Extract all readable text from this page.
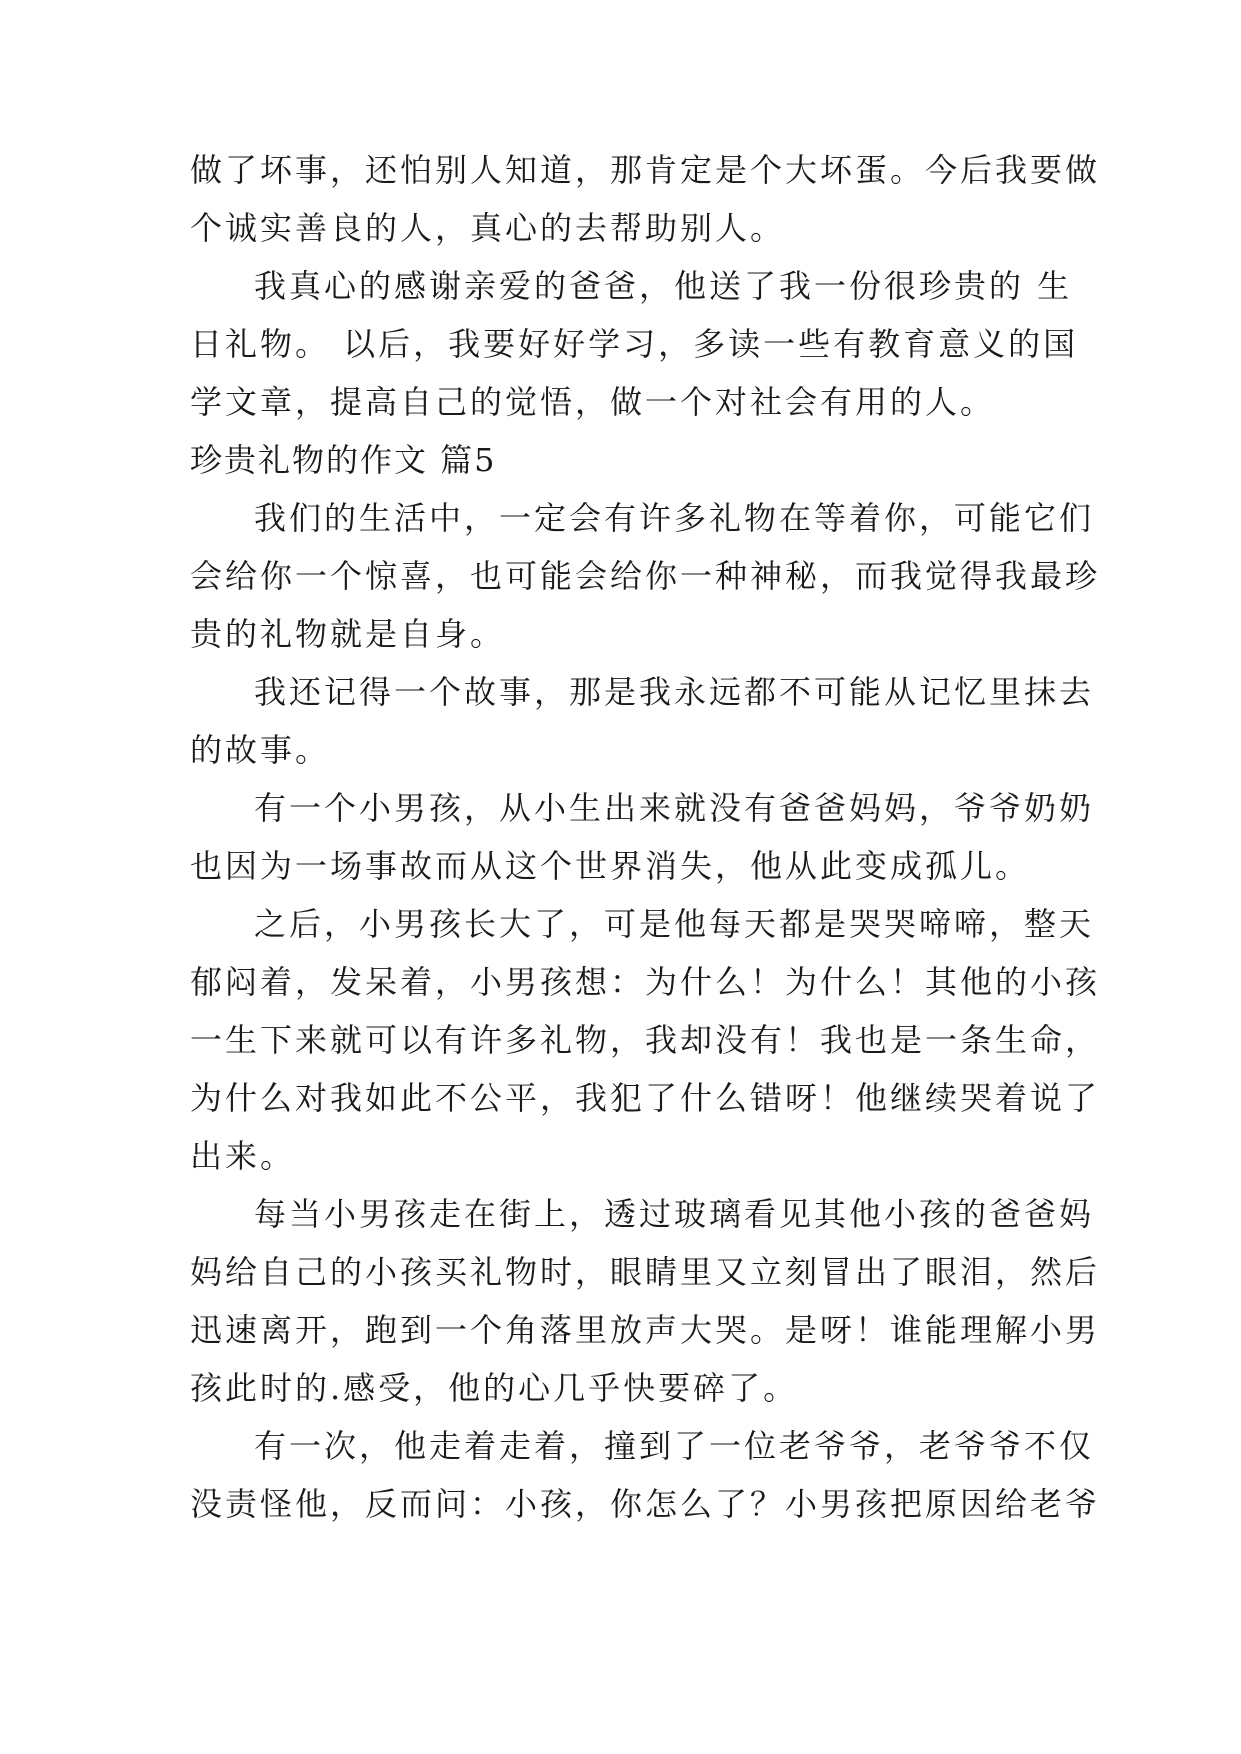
做了坏事，还怕别人知道，那肯定是个大坏蛋。今后我要做
个诚实善良的人，真心的去帮助别人。
我真心的感谢亲爱的爸爸，他送了我一份很珍贵的 生
日礼物。 以后，我要好好学习，多读一些有教育意义的国
学文章，提高自己的觉悟，做一个对社会有用的人。
珍贵礼物的作文 篇5
我们的生活中，一定会有许多礼物在等着你，可能它们
会给你一个惊喜，也可能会给你一种神秘，而我觉得我最珍
贵的礼物就是自身。
我还记得一个故事，那是我永远都不可能从记忆里抹去
的故事。
有一个小男孩，从小生出来就没有爸爸妈妈，爷爷奶奶
也因为一场事故而从这个世界消失，他从此变成孤儿。
之后，小男孩长大了，可是他每天都是哭哭啼啼，整天
郁闷着，发呆着，小男孩想：为什么！为什么！其他的小孩
一生下来就可以有许多礼物，我却没有！我也是一条生命，
为什么对我如此不公平，我犯了什么错呀！他继续哭着说了
出来。
每当小男孩走在街上，透过玻璃看见其他小孩的爸爸妈
妈给自己的小孩买礼物时，眼睛里又立刻冒出了眼泪，然后
迅速离开，跑到一个角落里放声大哭。是呀！谁能理解小男
孩此时的.感受，他的心几乎快要碎了。
有一次，他走着走着，撞到了一位老爷爷，老爷爷不仅
没责怪他，反而问：小孩，你怎么了？小男孩把原因给老爷
